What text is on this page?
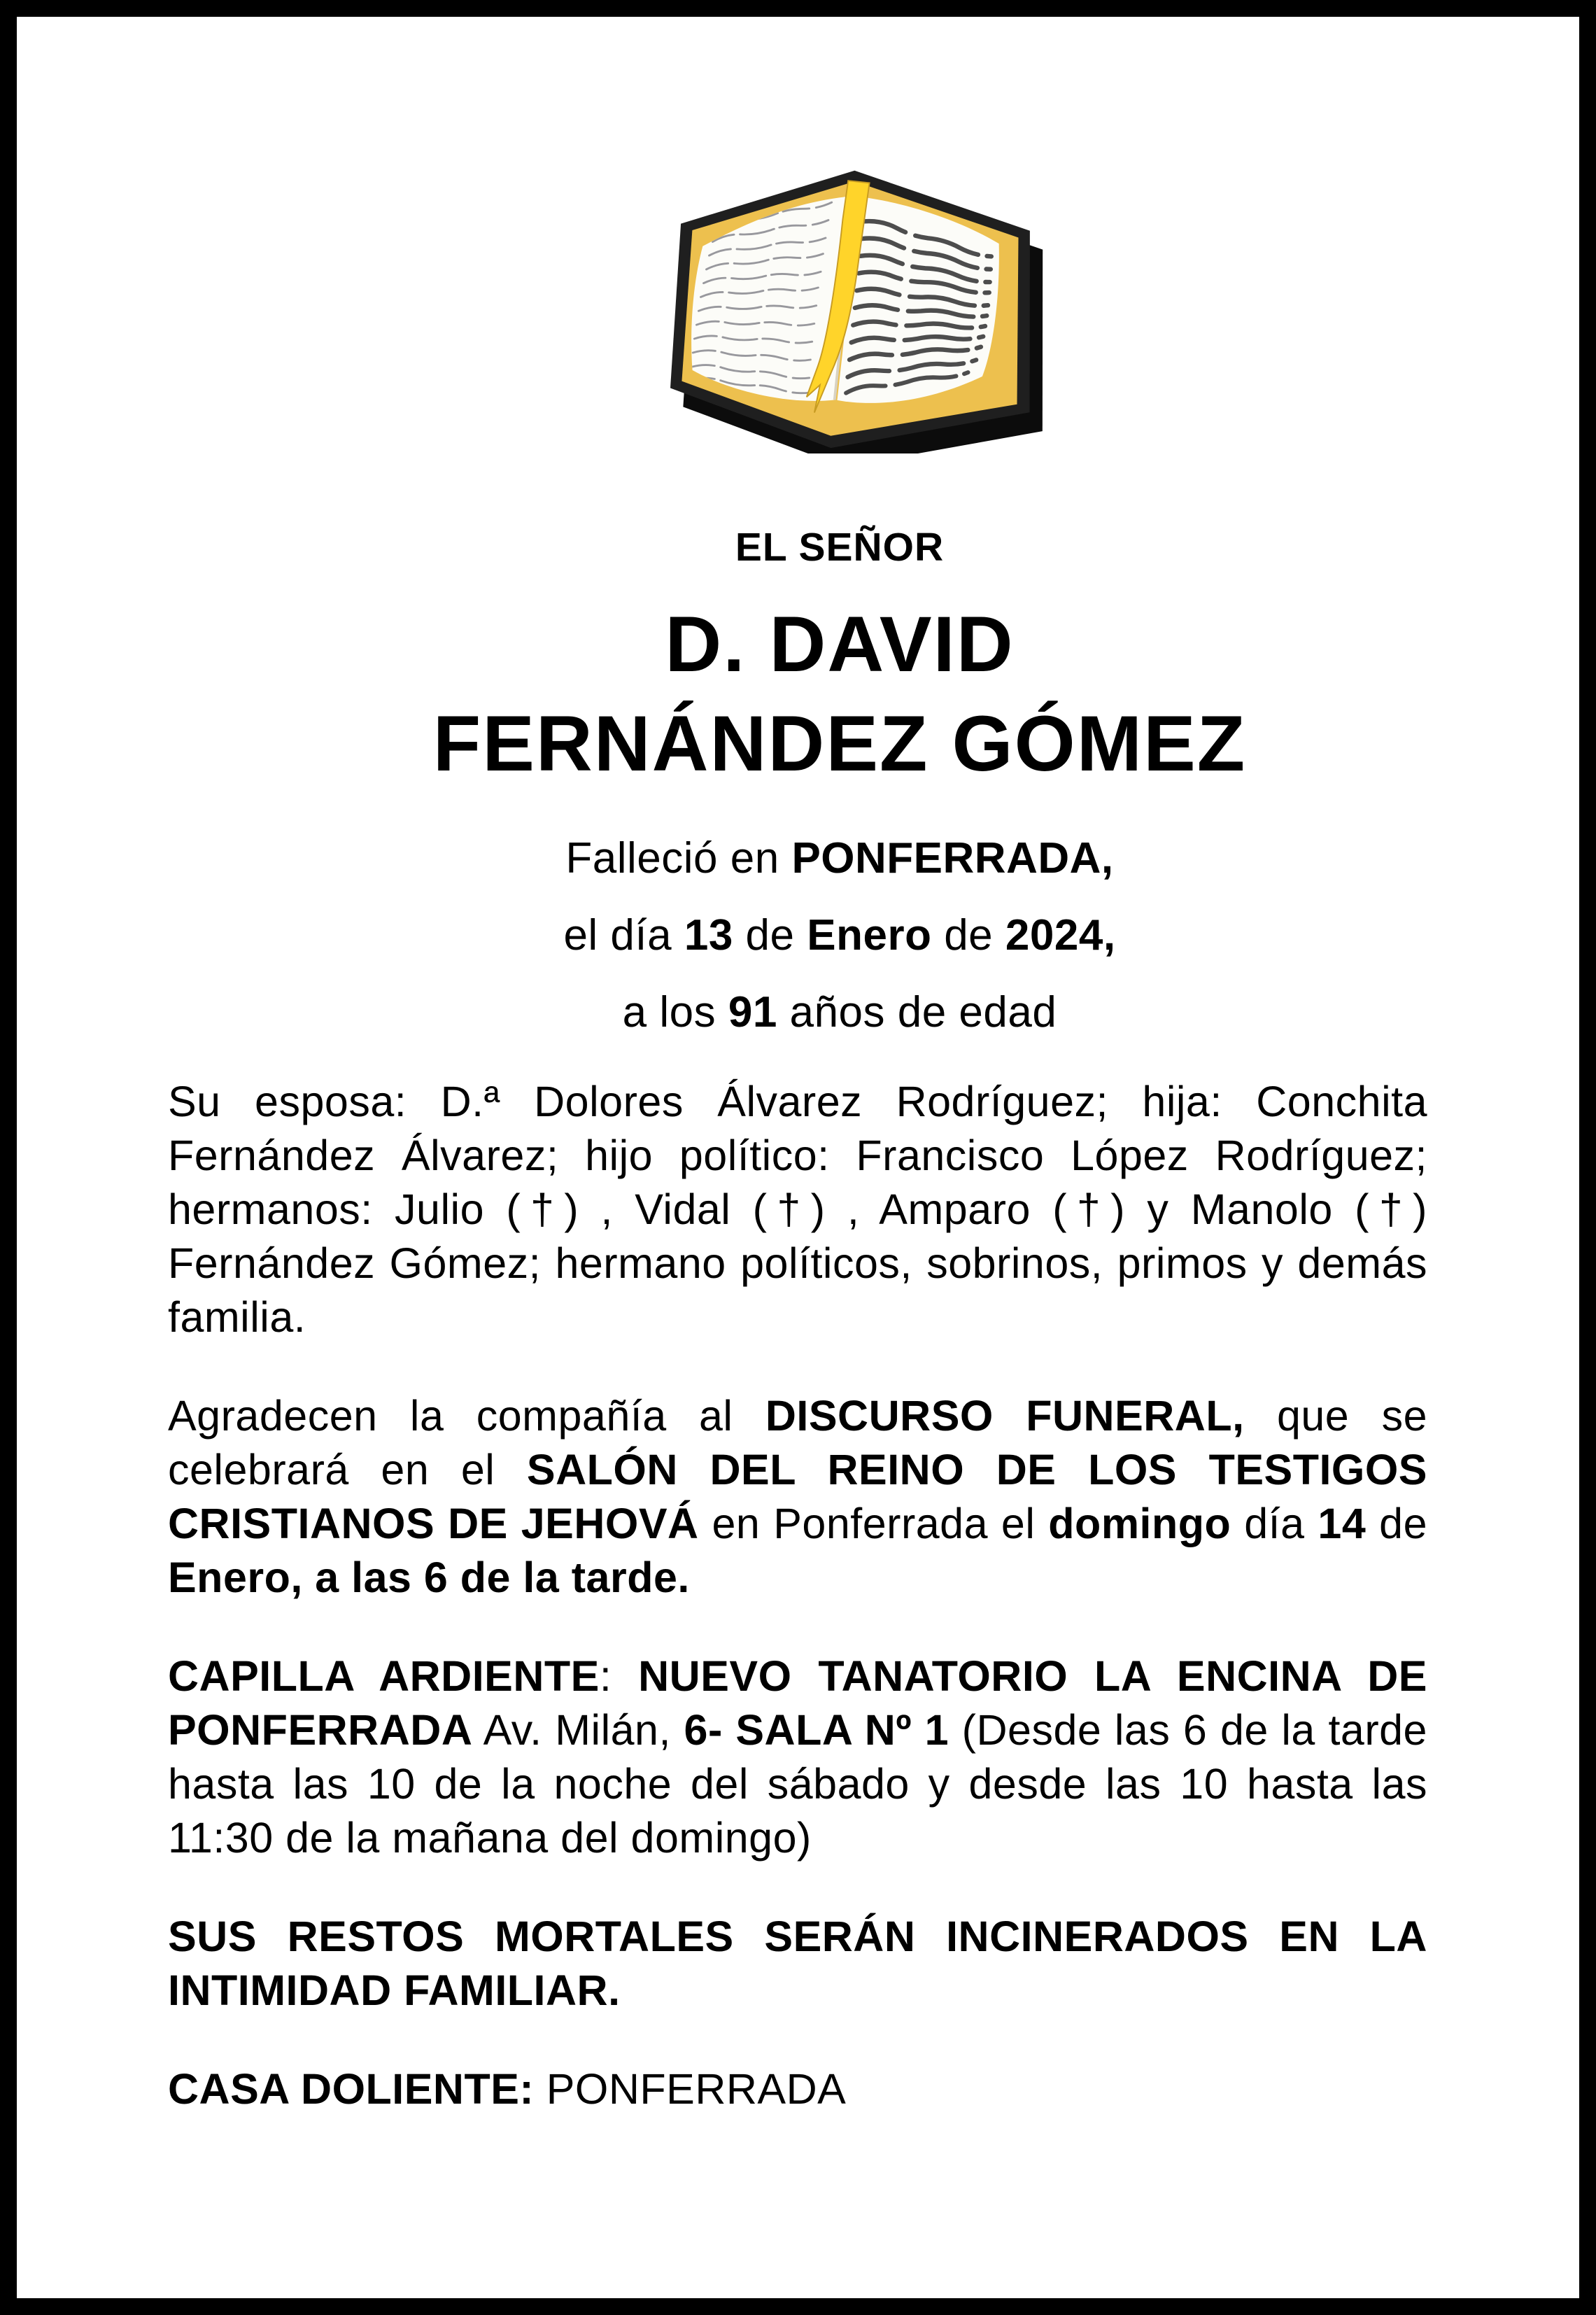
EL SEÑOR
D. DAVID
FERNÁNDEZ GÓMEZ
Falleció en PONFERRADA,
el día 13 de Enero de 2024,
a los 91 años de edad

Su esposa: D.ª Dolores Álvarez Rodríguez; hija: Conchita Fernández Álvarez; hijo político: Francisco López Rodríguez; hermanos: Julio (†) , Vidal (†) , Amparo (†) y Manolo (†) Fernández Gómez; hermano políticos, sobrinos, primos y demás familia.

Agradecen la compañía al DISCURSO FUNERAL, que se celebrará en el SALÓN DEL REINO DE LOS TESTIGOS CRISTIANOS DE JEHOVÁ en Ponferrada el domingo día 14 de Enero, a las 6 de la tarde.

CAPILLA ARDIENTE: NUEVO TANATORIO LA ENCINA DE PONFERRADA Av. Milán, 6- SALA Nº 1 (Desde las 6 de la tarde hasta las 10 de la noche del sábado y desde las 10 hasta las 11:30 de la mañana del domingo)

SUS RESTOS MORTALES SERÁN INCINERADOS EN LA INTIMIDAD FAMILIAR.

CASA DOLIENTE: PONFERRADA
